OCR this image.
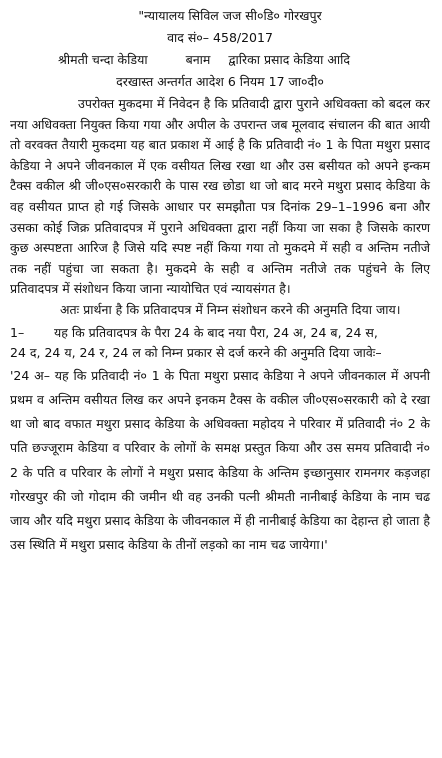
"न्यायालय सिविल जज सी०डि० गोरखपुर
वाद सं०– 458/2017
श्रीमती चन्दा केडिया	बनाम द्वारिका प्रसाद केडिया आदि
दरखास्त अन्तर्गत आदेश 6 नियम 17 जा०दी०

उपरोक्त मुकदमा में निवेदन है कि प्रतिवादी द्वारा पुराने अधिवक्ता को बदल कर नया अधिवक्ता नियुक्त किया गया और अपील के उपरान्त जब मूलवाद संचालन की बात आयी तो वरवक्त तैयारी मुकदमा यह बात प्रकाश में आई है कि प्रतिवादी नं० 1 के पिता मथुरा प्रसाद केडिया ने अपने जीवनकाल में एक वसीयत लिख रखा था और उस बसीयत को अपने इन्कम टैक्स वकील श्री जी०एस०सरकारी के पास रख छोडा था जो बाद मरने मथुरा प्रसाद केडिया के वह वसीयत प्राप्त हो गई जिसके आधार पर समझौता पत्र दिनांक 29–1–1996 बना और उसका कोई जिक्र प्रतिवादपत्र में पुराने अधिवक्ता द्वारा नहीं किया जा सका है जिसके कारण कुछ अस्पष्टता आरिज है जिसे यदि स्पष्ट नहीं किया गया तो मुकदमे में सही व अन्तिम नतीजे तक नहीं पहुंचा जा सकता है। मुकदमे के सही व अन्तिम नतीजे तक पहुंचने के लिए प्रतिवादपत्र में संशोधन किया जाना न्यायोचित एवं न्यायसंगत है।

अतः प्रार्थना है कि प्रतिवादपत्र में निम्न संशोधन करने की अनुमति दिया जाय।

1–	यह कि प्रतिवादपत्र के पैरा 24 के बाद नया पैरा, 24 अ, 24 ब, 24 स,

24 द, 24 य, 24 र, 24 ल को निम्न प्रकार से दर्ज करने की अनुमति दिया जावेः–

'24 अ– यह कि प्रतिवादी नं० 1 के पिता मथुरा प्रसाद केडिया ने अपने जीवनकाल में अपनी प्रथम व अन्तिम वसीयत लिख कर अपने इनकम टैक्स के वकील जी०एस०सरकारी को दे रखा था जो बाद वफात मथुरा प्रसाद केडिया के अधिवक्ता महोदय ने परिवार में प्रतिवादी नं० 2 के पति छज्जूराम केडिया व परिवार के लोगों के समक्ष प्रस्तुत किया और उस समय प्रतिवादी नं० 2 के पति व परिवार के लोगों ने मथुरा प्रसाद केडिया के अन्तिम इच्छानुसार रामनगर कड़जहा गोरखपुर की जो गोदाम की जमीन थी वह उनकी पत्नी श्रीमती नानीबाई केडिया के नाम चढ जाय और यदि मथुरा प्रसाद केडिया के जीवनकाल में ही नानीबाई केडिया का देहान्त हो जाता है उस स्थिति में मथुरा प्रसाद केडिया के तीनों लड़को का नाम चढ जायेगा।'
